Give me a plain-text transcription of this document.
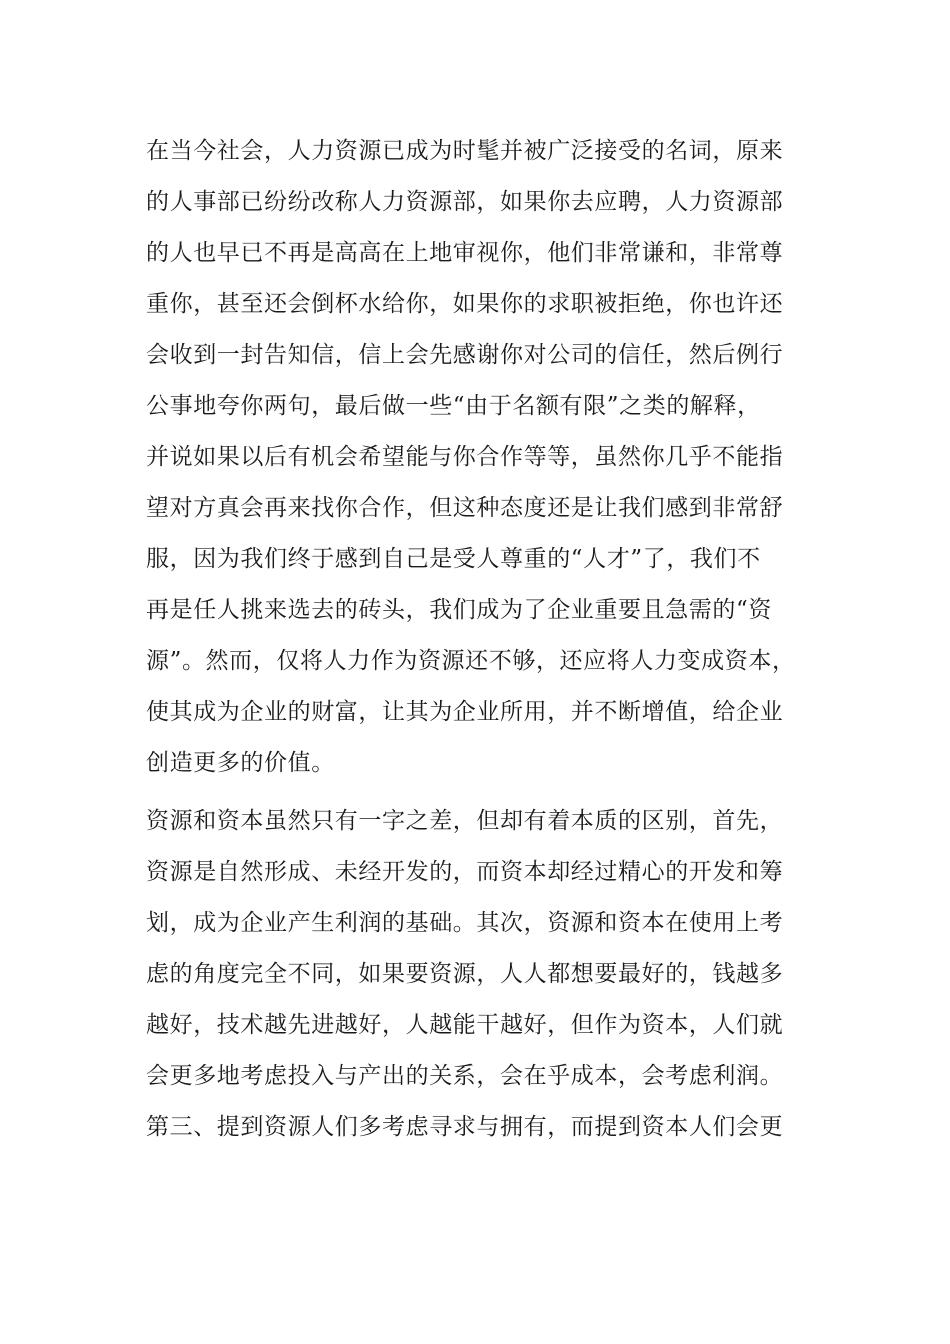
在当今社会，人力资源已成为时髦并被广泛接受的名词，原来
的人事部已纷纷改称人力资源部，如果你去应聘，人力资源部
的人也早已不再是高高在上地审视你，他们非常谦和，非常尊
重你，甚至还会倒杯水给你，如果你的求职被拒绝，你也许还
会收到一封告知信，信上会先感谢你对公司的信任，然后例行
公事地夸你两句，最后做一些“由于名额有限”之类的解释，
并说如果以后有机会希望能与你合作等等，虽然你几乎不能指
望对方真会再来找你合作，但这种态度还是让我们感到非常舒
服，因为我们终于感到自己是受人尊重的“人才”了，我们不
再是任人挑来选去的砖头，我们成为了企业重要且急需的“资
源”。然而，仅将人力作为资源还不够，还应将人力变成资本，
使其成为企业的财富，让其为企业所用，并不断增值，给企业
创造更多的价值。
资源和资本虽然只有一字之差，但却有着本质的区别，首先，
资源是自然形成、未经开发的，而资本却经过精心的开发和筹
划，成为企业产生利润的基础。其次，资源和资本在使用上考
虑的角度完全不同，如果要资源，人人都想要最好的，钱越多
越好，技术越先进越好，人越能干越好，但作为资本，人们就
会更多地考虑投入与产出的关系，会在乎成本，会考虑利润。
第三、提到资源人们多考虑寻求与拥有，而提到资本人们会更
